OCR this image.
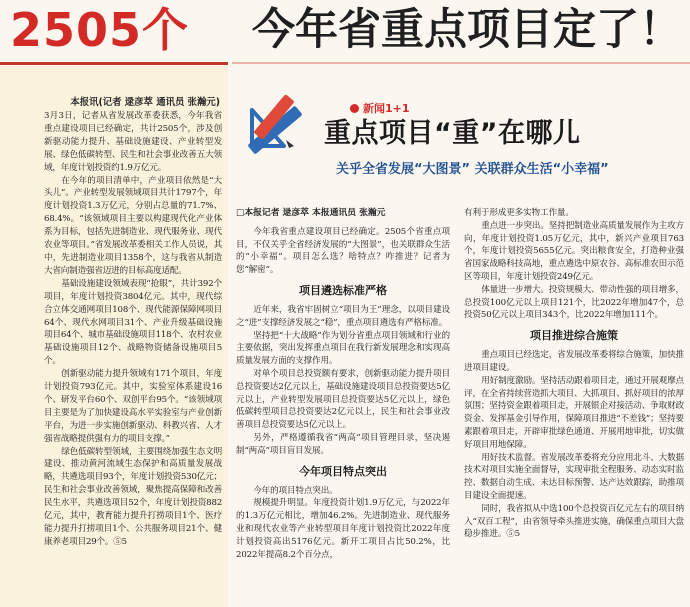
2505个 今年省重点项目定了！
本报讯(记者 逯彦萃 通讯员 张瀚元)

3月3日，记者从省发展改革委获悉，今年我省重点建设项目已经确定，共计2505个，涉及创新驱动能力提升、基础设施建设、产业转型发展、绿色低碳转型、民生和社会事业改善五大领域，年度计划投资约1.9万亿元。

在今年的项目清单中，产业项目依然是“大头儿”。产业转型发展领域项目共计1797个，年度计划投资1.3万亿元，分别占总量的71.7%、68.4%。“该领域项目主要以构建现代化产业体系为目标，包括先进制造业、现代服务业、现代农业等项目。”省发展改革委相关工作人员说，其中，先进制造业项目1358个，这与我省从制造大省向制造强省迈进的目标高度适配。

基础设施建设领域表现“抢眼”，共计392个项目，年度计划投资3804亿元。其中，现代综合立体交通网项目108个、现代能源保障网项目64个、现代水网项目31个、产业升级基础设施项目64个、城市基础设施项目118个、农村农业基础设施项目12个、战略物资储备设施项目5个。

创新驱动能力提升领域有171个项目，年度计划投资793亿元。其中，实验室体系建设16个、研发平台60个、双创平台95个。“该领域项目主要是为了加快建设高水平实验室与产业创新平台，为进一步实施创新驱动、科教兴省、人才强省战略提供强有力的项目支撑。”

绿色低碳转型领域，主要围绕加强生态文明建设、推动黄河流域生态保护和高质量发展战略，共遴选项目93个，年度计划投资530亿元；民生和社会事业改善领域，聚焦提高保障和改善民生水平，共遴选项目52个，年度计划投资882亿元，其中，教育能力提升打捞项目1个、医疗能力提升打捞项目1个、公共服务项目21个、健康养老项目29个。⑤5

新闻1+1
重点项目“重”在哪儿
关乎全省发展“大图景” 关联群众生活“小幸福”
□本报记者 逯彦萃 本报通讯员 张瀚元

今年我省重点建设项目已经确定。2505个省重点项目，不仅关乎全省经济发展的“大图景”，也关联群众生活的“小幸福”。项目怎么选？啥特点？咋推进？记者为您“解密”。

项目遴选标准严格

近年来，我省牢固树立“项目为王”理念，以项目建设之“进”支撑经济发展之“稳”，重点项目遴选有严格标准。

坚持把“十大战略”作为划分省重点项目领域和行业的主要依据，突出发挥重点项目在我行新发展理念和实现高质量发展方面的支撑作用。

对单个项目总投资额有要求，创新驱动能力提升项目总投资要达2亿元以上，基础设施建设项目总投资要达5亿元以上，产业转型发展项目总投资要达5亿元以上，绿色低碳转型项目总投资要达2亿元以上，民生和社会事业改善项目总投资要达5亿元以上。

另外，严格遵循我省“两高”项目管理目录，坚决遏制“两高”项目盲目发展。

今年项目特点突出

今年的项目特点突出。

规模提升明显。年度投资计划1.9万亿元，与2022年的1.3万亿元相比，增加46.2%。先进制造业、现代服务业和现代农业等产业转型项目年度计划投资比2022年度计划投资高出5176亿元。新开工项目占比50.2%，比2022年提高8.2个百分点，

有利于形成更多实物工作量。

重点进一步突出。坚持把制造业高质量发展作为主攻方向，年度计划投资1.05万亿元，其中，新兴产业项目763个，年度计划投资5655亿元。突出粮食安全，打造种业强省国家战略科技高地，重点遴选中原农谷、高标准农田示范区等项目，年度计划投资249亿元。

体量进一步增大。投资规模大、带动性强的项目增多，总投资100亿元以上项目121个，比2022年增加47个，总投资50亿元以上项目343个，比2022年增加111个。

项目推进综合施策

重点项目已经选定，省发展改革委将综合施策，加快推进项目建设。

用好制度激励。坚持活动跟着项目走，通过开展观摩点评，在全省持续营造抓大项目、大抓项目、抓好项目的浓厚氛围；坚持资金跟着项目走，开展银企对接活动、争取财政资金、发挥基金引导作用，保障项目推进“不差钱”；坚持要素跟着项目走，开辟审批绿色通道、开展用地审批，切实做好项目用地保障。

用好技术监督。省发展改革委将充分应用北斗、大数据技术对项目实施全面督导，实现审批全程服务、动态实时监控、数据自动生成、未达目标预警、达产达效跟踪，助推项目建设全面提速。

同时，我省拟从中选100个总投资百亿元左右的项目纳入“双百工程”，由省领导牵头推进实施，确保重点项目大盘稳步推进。⑤5
